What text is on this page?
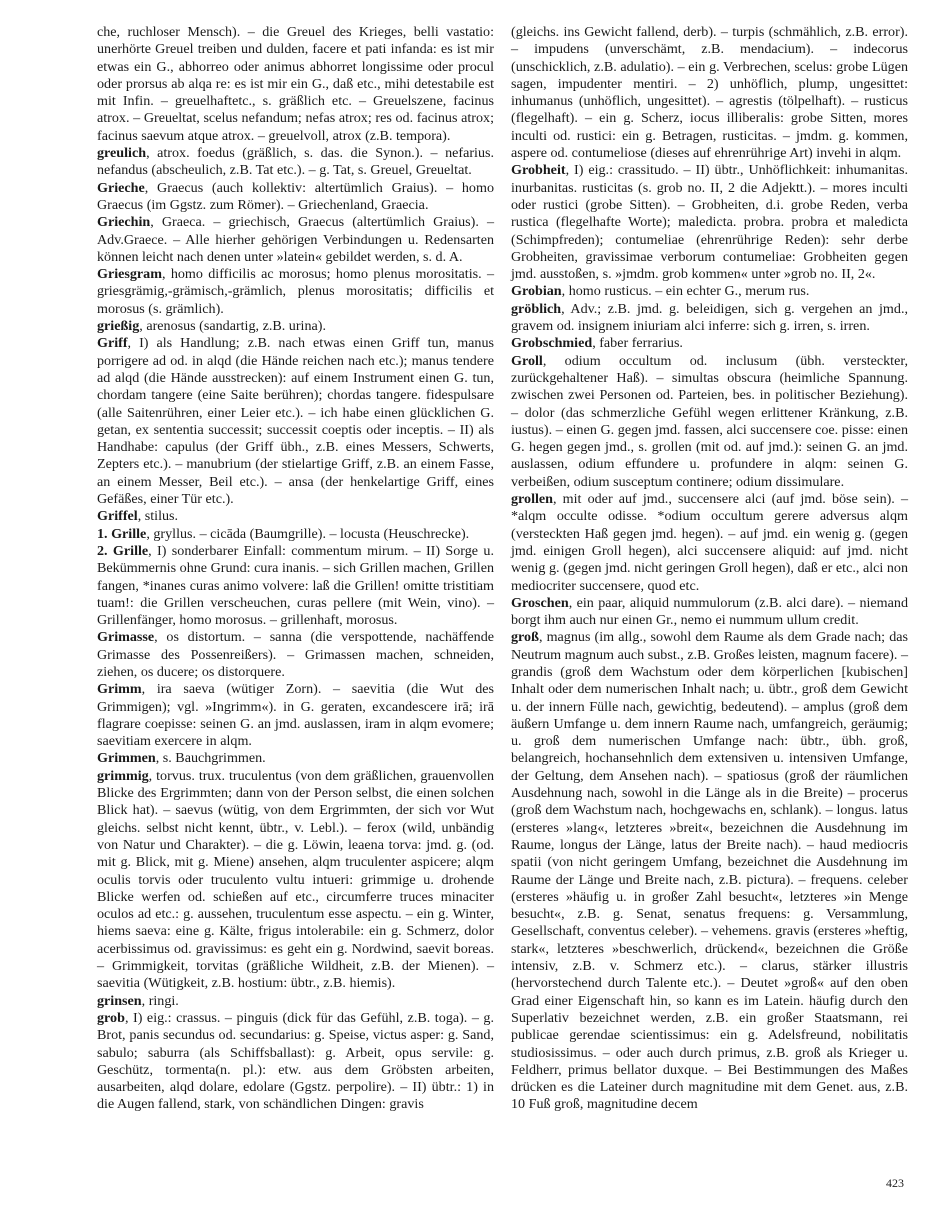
che, ruchloser Mensch). – die Greuel des Krieges, belli vastatio: unerhörte Greuel treiben und dulden, facere et pati infanda: es ist mir etwas ein G., abhorreo oder animus abhorret longissime oder procul oder prorsus ab alqa re: es ist mir ein G., daß etc., mihi detestabile est mit Infin. – greuelhaftetc., s. gräßlich etc. – Greuelszene, facinus atrox. – Greueltat, scelus nefandum; nefas atrox; res od. facinus atrox; facinus saevum atque atrox. – greuelvoll, atrox (z.B. tempora).

greulich, atrox. foedus (gräßlich, s. das. die Synon.). – nefarius. nefandus (abscheulich, z.B. Tat etc.). – g. Tat, s. Greuel, Greueltat.

Grieche, Graecus (auch kollektiv: altertümlich Graius). – homo Graecus (im Ggstz. zum Römer). – Griechenland, Graecia.

Griechin, Graeca. – griechisch, Graecus (altertümlich Graius). – Adv.Graece. – Alle hierher gehörigen Verbindungen u. Redensarten können leicht nach denen unter »latein« gebildet werden, s. d. A.

Griesgram, homo difficilis ac morosus; homo plenus morositatis. – griesgrämig,-grämisch,-grämlich, plenus morositatis; difficilis et morosus (s. grämlich).

grießig, arenosus (sandartig, z.B. urina).

Griff, I) als Handlung; z.B. nach etwas einen Griff tun, manus porrigere ad od. in alqd (die Hände reichen nach etc.); manus tendere ad alqd (die Hände ausstrecken): auf einem Instrument einen G. tun, chordam tangere (eine Saite berühren); chordas tangere. fidespulsare (alle Saitenrühren, einer Leier etc.). – ich habe einen glücklichen G. getan, ex sententia successit; successit coeptis oder inceptis. – II) als Handhabe: capulus (der Griff übh., z.B. eines Messers, Schwerts, Zepters etc.). – manubrium (der stielartige Griff, z.B. an einem Fasse, an einem Messer, Beil etc.). – ansa (der henkelartige Griff, eines Gefäßes, einer Tür etc.).

Griffel, stilus.

1. Grille, gryllus. – cicāda (Baumgrille). – locusta (Heuschrecke).

2. Grille, I) sonderbarer Einfall: commentum mirum. – II) Sorge u. Bekümmernis ohne Grund: cura inanis. – sich Grillen machen, Grillen fangen, *inanes curas animo volvere: laß die Grillen! omitte tristitiam tuam!: die Grillen verscheuchen, curas pellere (mit Wein, vino). – Grillenfänger, homo morosus. – grillenhaft, morosus.

Grimasse, os distortum. – sanna (die verspottende, nachäffende Grimasse des Possenreißers). – Grimassen machen, schneiden, ziehen, os ducere; os distorquere.

Grimm, ira saeva (wütiger Zorn). – saevitia (die Wut des Grimmigen); vgl. »Ingrimm«). in G. geraten, excandescere irā; irā flagrare coepisse: seinen G. an jmd. auslassen, iram in alqm evomere; saevitiam exercere in alqm.

Grimmen, s. Bauchgrimmen.

grimmig, torvus. trux. truculentus (von dem gräßlichen, grauenvollen Blicke des Ergrimmten; dann von der Person selbst, die einen solchen Blick hat). – saevus (wütig, von dem Ergrimmten, der sich vor Wut gleichs. selbst nicht kennt, übtr., v. Lebl.). – ferox (wild, unbändig von Natur und Charakter). – die g. Löwin, leaena torva: jmd. g. (od. mit g. Blick, mit g. Miene) ansehen, alqm truculenter aspicere; alqm oculis torvis oder truculento vultu intueri: grimmige u. drohende Blicke werfen od. schießen auf etc., circumferre truces minaciter oculos ad etc.: g. aussehen, truculentum esse aspectu. – ein g. Winter, hiems saeva: eine g. Kälte, frigus intolerabile: ein g. Schmerz, dolor acerbissimus od. gravissimus: es geht ein g. Nordwind, saevit boreas. – Grimmigkeit, torvitas (gräßliche Wildheit, z.B. der Mienen). – saevitia (Wütigkeit, z.B. hostium: übtr., z.B. hiemis).

grinsen, ringi.

grob, I) eig.: crassus. – pinguis (dick für das Gefühl, z.B. toga). – g. Brot, panis secundus od. secundarius: g. Speise, victus asper: g. Sand, sabulo; saburra (als Schiffsballast): g. Arbeit, opus servile: g. Geschütz, tormenta(n. pl.): etw. aus dem Gröbsten arbeiten, ausarbeiten, alqd dolare, edolare (Ggstz. perpolire). – II) übtr.: 1) in die Augen fallend, stark, von schändlichen Dingen: gravis

(gleichs. ins Gewicht fallend, derb). – turpis (schmählich, z.B. error). – impudens (unverschämt, z.B. mendacium). – indecorus (unschicklich, z.B. adulatio). – ein g. Verbrechen, scelus: grobe Lügen sagen, impudenter mentiri. – 2) unhöflich, plump, ungesittet: inhumanus (unhöflich, ungesittet). – agrestis (tölpelhaft). – rusticus (flegelhaft). – ein g. Scherz, iocus illiberalis: grobe Sitten, mores inculti od. rustici: ein g. Betragen, rusticitas. – jmdm. g. kommen, aspere od. contumeliose (dieses auf ehrenrührige Art) invehi in alqm.

Grobheit, I) eig.: crassitudo. – II) übtr., Unhöflichkeit: inhumanitas. inurbanitas. rusticitas (s. grob no. II, 2 die Adjektt.). – mores inculti oder rustici (grobe Sitten). – Grobheiten, d.i. grobe Reden, verba rustica (flegelhafte Worte); maledicta. probra. probra et maledicta (Schimpfreden); contumeliae (ehrenrührige Reden): sehr derbe Grobheiten, gravissimae verborum contumeliae: Grobheiten gegen jmd. ausstoßen, s. »jmdm. grob kommen« unter »grob no. II, 2«.

Grobian, homo rusticus. – ein echter G., merum rus.

gröblich, Adv.; z.B. jmd. g. beleidigen, sich g. vergehen an jmd., gravem od. insignem iniuriam alci inferre: sich g. irren, s. irren.

Grobschmied, faber ferrarius.

Groll, odium occultum od. inclusum (übh. versteckter, zurückgehaltener Haß). – simultas obscura (heimliche Spannung. zwischen zwei Personen od. Parteien, bes. in politischer Beziehung). – dolor (das schmerzliche Gefühl wegen erlittener Kränkung, z.B. iustus). – einen G. gegen jmd. fassen, alci succensere coe. pisse: einen G. hegen gegen jmd., s. grollen (mit od. auf jmd.): seinen G. an jmd. auslassen, odium effundere u. profundere in alqm: seinen G. verbeißen, odium susceptum continere; odium dissimulare.

grollen, mit oder auf jmd., succensere alci (auf jmd. böse sein). – *alqm occulte odisse. *odium occultum gerere adversus alqm (versteckten Haß gegen jmd. hegen). – auf jmd. ein wenig g. (gegen jmd. einigen Groll hegen), alci succensere aliquid: auf jmd. nicht wenig g. (gegen jmd. nicht geringen Groll hegen), daß er etc., alci non mediocriter succensere, quod etc.

Groschen, ein paar, aliquid nummulorum (z.B. alci dare). – niemand borgt ihm auch nur einen Gr., nemo ei nummum ullum credit.

groß, magnus (im allg., sowohl dem Raume als dem Grade nach; das Neutrum magnum auch subst., z.B. Großes leisten, magnum facere). – grandis (groß dem Wachstum oder dem körperlichen [kubischen] Inhalt oder dem numerischen Inhalt nach; u. übtr., groß dem Gewicht u. der innern Fülle nach, gewichtig, bedeutend). – amplus (groß dem äußern Umfange u. dem innern Raume nach, umfangreich, geräumig; u. groß dem numerischen Umfange nach: übtr., übh. groß, belangreich, hochansehnlich dem extensiven u. intensiven Umfange, der Geltung, dem Ansehen nach). – spatiosus (groß der räumlichen Ausdehnung nach, sowohl in die Länge als in die Breite) – procerus (groß dem Wachstum nach, hochgewachs en, schlank). – longus. latus (ersteres »lang«, letzteres »breit«, bezeichnen die Ausdehnung im Raume, longus der Länge, latus der Breite nach). – haud mediocris spatii (von nicht geringem Umfang, bezeichnet die Ausdehnung im Raume der Länge und Breite nach, z.B. pictura). – frequens. celeber (ersteres »häufig u. in großer Zahl besucht«, letzteres »in Menge besucht«, z.B. g. Senat, senatus frequens: g. Versammlung, Gesellschaft, conventus celeber). – vehemens. gravis (ersteres »heftig, stark«, letzteres »beschwerlich, drückend«, bezeichnen die Größe intensiv, z.B. v. Schmerz etc.). – clarus, stärker illustris (hervorstechend durch Talente etc.). – Deutet »groß« auf den oben Grad einer Eigenschaft hin, so kann es im Latein. häufig durch den Superlativ bezeichnet werden, z.B. ein großer Staatsmann, rei publicae gerendae scientissimus: ein g. Adelsfreund, nobilitatis studiosissimus. – oder auch durch primus, z.B. groß als Krieger u. Feldherr, primus bellator duxque. – Bei Bestimmungen des Maßes drücken es die Lateiner durch magnitudine mit dem Genet. aus, z.B. 10 Fuß groß, magnitudine decem

423
